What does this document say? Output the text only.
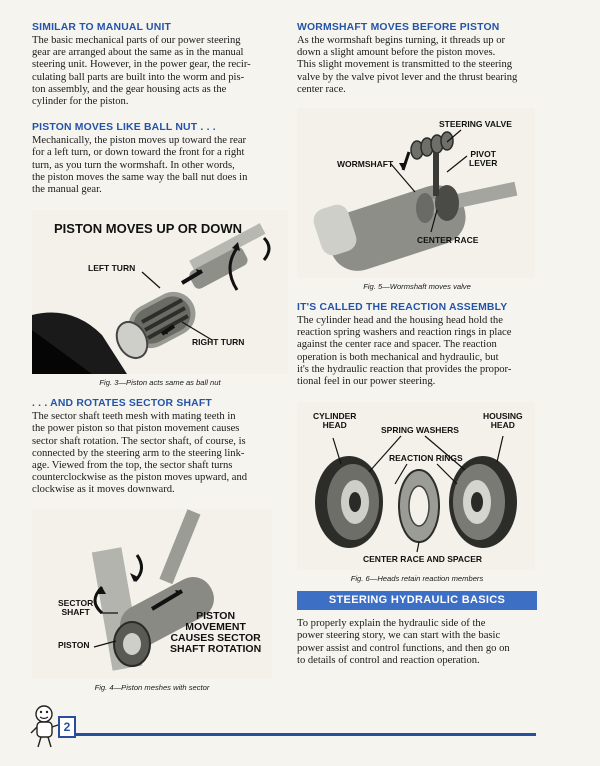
SIMILAR TO MANUAL UNIT
The basic mechanical parts of our power steering
gear are arranged about the same as in the manual
steering unit. However, in the power gear, the recir-
culating ball parts are built into the worm and pis-
ton assembly, and the gear housing acts as the
cylinder for the piston.
PISTON MOVES LIKE BALL NUT . . .
Mechanically, the piston moves up toward the rear
for a left turn, or down toward the front for a right
turn, as you turn the wormshaft. In other words,
the piston moves the same way the ball nut does in
the manual gear.
PISTON MOVES UP OR DOWN
LEFT TURN
RIGHT TURN
Fig. 3—Piston acts same as ball nut
. . . AND ROTATES SECTOR SHAFT
The sector shaft teeth mesh with mating teeth in
the power piston so that piston movement causes
sector shaft rotation. The sector shaft, of course, is
connected by the steering arm to the steering link-
age. Viewed from the top, the sector shaft turns
counterclockwise as the piston moves upward, and
clockwise as it moves downward.
SECTOR
SHAFT
PISTON
PISTON
MOVEMENT
CAUSES SECTOR
SHAFT ROTATION
Fig. 4—Piston meshes with sector
WORMSHAFT MOVES BEFORE PISTON
As the wormshaft begins turning, it threads up or
down a slight amount before the piston moves.
This slight movement is transmitted to the steering
valve by the valve pivot lever and the thrust bearing
center race.
STEERING VALVE
PIVOT
LEVER
WORMSHAFT
CENTER RACE
Fig. 5—Wormshaft moves valve
IT'S CALLED THE REACTION ASSEMBLY
The cylinder head and the housing head hold the
reaction spring washers and reaction rings in place
against the center race and spacer. The reaction
operation is both mechanical and hydraulic, but
it's the hydraulic reaction that provides the propor-
tional feel in our power steering.
CYLINDER
HEAD
SPRING WASHERS
HOUSING
HEAD
REACTION RINGS
CENTER RACE AND SPACER
Fig. 6—Heads retain reaction members
STEERING HYDRAULIC BASICS
To properly explain the hydraulic side of the
power steering story, we can start with the basic
power assist and control functions, and then go on
to details of control and reaction operation.
2
